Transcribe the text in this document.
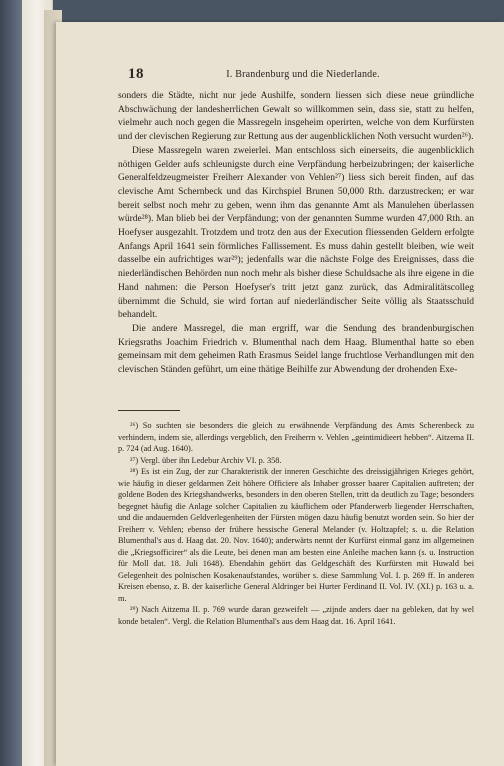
18	I. Brandenburg und die Niederlande.

sonders die Städte, nicht nur jede Aushilfe, sondern liessen sich diese neue gründliche Abschwächung der landesherrlichen Gewalt so willkommen sein, dass sie, statt zu helfen, vielmehr auch noch gegen die Massregeln insgeheim operirten, welche von dem Kurfürsten und der clevischen Regierung zur Rettung aus der augenblicklichen Noth versucht wurden²⁶).

Diese Massregeln waren zweierlei. Man entschloss sich einerseits, die augenblicklich nöthigen Gelder aufs schleunigste durch eine Verpfändung herbeizubringen; der kaiserliche Generalfeldzeugmeister Freiherr Alexander von Vehlen²⁷) liess sich bereit finden, auf das clevische Amt Schernbeck und das Kirchspiel Brunen 50,000 Rth. darzustrecken; er war bereit selbst noch mehr zu geben, wenn ihm das genannte Amt als Manulehen überlassen würde²⁸). Man blieb bei der Verpfändung; von der genannten Summe wurden 47,000 Rth. an Hoefyser ausgezahlt. Trotzdem und trotz den aus der Execution fliessenden Geldern erfolgte Anfangs April 1641 sein förmliches Fallissement. Es muss dahin gestellt bleiben, wie weit dasselbe ein aufrichtiges war²⁹); jedenfalls war die nächste Folge des Ereignisses, dass die niederländischen Behörden nun noch mehr als bisher diese Schuldsache als ihre eigene in die Hand nahmen: die Person Hoefyser's tritt jetzt ganz zurück, das Admiralitätscolleg übernimmt die Schuld, sie wird fortan auf niederländischer Seite völlig als Staatsschuld behandelt.

Die andere Massregel, die man ergriff, war die Sendung des brandenburgischen Kriegsraths Joachim Friedrich v. Blumenthal nach dem Haag. Blumenthal hatte so eben gemeinsam mit dem geheimen Rath Erasmus Seidel lange fruchtlose Verhandlungen mit den clevischen Ständen geführt, um eine thätige Beihilfe zur Abwendung der drohenden Exe-

²⁶) So suchten sie besonders die gleich zu erwähnende Verpfändung des Amts Scherenbeck zu verhindern, indem sie, allerdings vergeblich, den Freiherrn v. Vehlen „geintimidieert hebben“. Aitzema II. p. 724 (ad Aug. 1640).

²⁷) Vergl. über ihn Ledebur Archiv VI. p. 358.

²⁸) Es ist ein Zug, der zur Charakteristik der inneren Geschichte des dreissigjährigen Krieges gehört, wie häufig in dieser geldarmen Zeit höhere Officiere als Inhaber grosser baarer Capitalien auftreten; der goldene Boden des Kriegshandwerks, besonders in den oberen Stellen, tritt da deutlich zu Tage; besonders begegnet häufig die Anlage solcher Capitalien zu käuflichem oder Pfanderwerb liegender Herrschaften, und die andauernden Geldverlegenheiten der Fürsten mögen dazu häufig benutzt worden sein. So hier der Freiherr v. Vehlen; ebenso der frühere hessische General Melander (v. Holtzapfel; s. u. die Relation Blumenthal's aus d. Haag dat. 20. Nov. 1640); anderwärts nennt der Kurfürst einmal ganz im allgemeinen die „Kriegsofficirer“ als die Leute, bei denen man am besten eine Anleihe machen kann (s. u. Instruction für Moll dat. 18. Juli 1648). Ebendahin gehört das Geldgeschäft des Kurfürsten mit Huwald bei Gelegenheit des polnischen Kosakenaufstandes, worüber s. diese Sammlung Vol. I. p. 269 ff. In anderen Kreisen ebenso, z. B. der kaiserliche General Aldringer bei Hurter Ferdinand II. Vol. IV. (XI.) p. 163 u. a. m.

²⁹) Nach Aitzema II. p. 769 wurde daran gezweifelt — „zijnde anders daer na gebleken, dat hy wel konde betalen“. Vergl. die Relation Blumenthal's aus dem Haag dat. 16. April 1641.
